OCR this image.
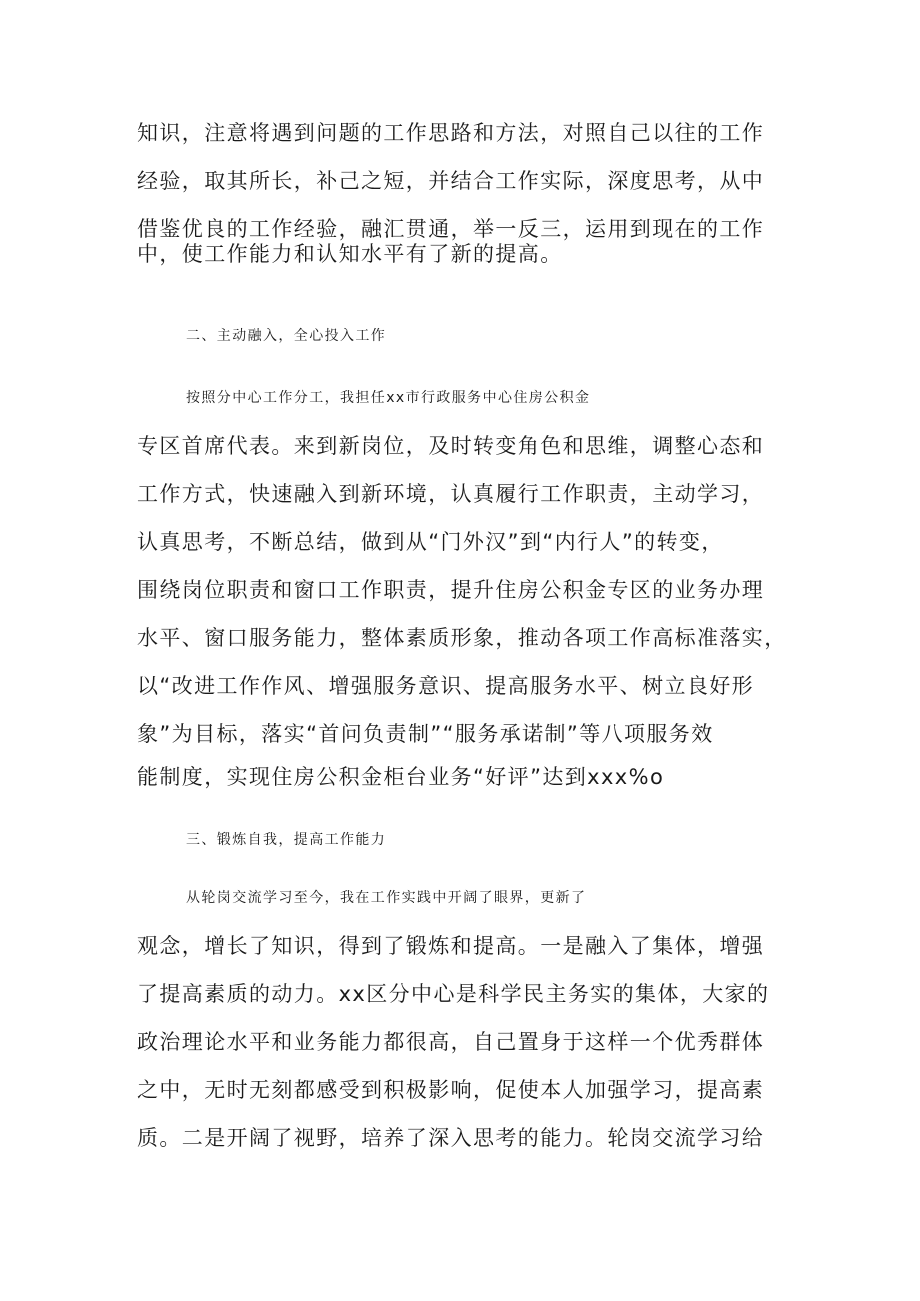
知识，注意将遇到问题的工作思路和方法，对照自己以往的工作
经验，取其所长，补己之短，并结合工作实际，深度思考，从中
借鉴优良的工作经验，融汇贯通，举一反三，运用到现在的工作
中，使工作能力和认知水平有了新的提高。
二、主动融入，全心投入工作
按照分中心工作分工，我担任xx市行政服务中心住房公积金
专区首席代表。来到新岗位，及时转变角色和思维，调整心态和
工作方式，快速融入到新环境，认真履行工作职责，主动学习，
认真思考，不断总结，做到从“门外汉”到“内行人”的转变，
围绕岗位职责和窗口工作职责，提升住房公积金专区的业务办理
水平、窗口服务能力，整体素质形象，推动各项工作高标准落实，
以“改进工作作风、增强服务意识、提高服务水平、树立良好形
象”为目标，落实“首问负责制”“服务承诺制”等八项服务效
能制度，实现住房公积金柜台业务“好评”达到xxx%o
三、锻炼自我，提高工作能力
从轮岗交流学习至今，我在工作实践中开阔了眼界，更新了
观念，增长了知识，得到了锻炼和提高。一是融入了集体，增强
了提高素质的动力。xx区分中心是科学民主务实的集体，大家的
政治理论水平和业务能力都很高，自己置身于这样一个优秀群体
之中，无时无刻都感受到积极影响，促使本人加强学习，提高素
质。二是开阔了视野，培养了深入思考的能力。轮岗交流学习给
